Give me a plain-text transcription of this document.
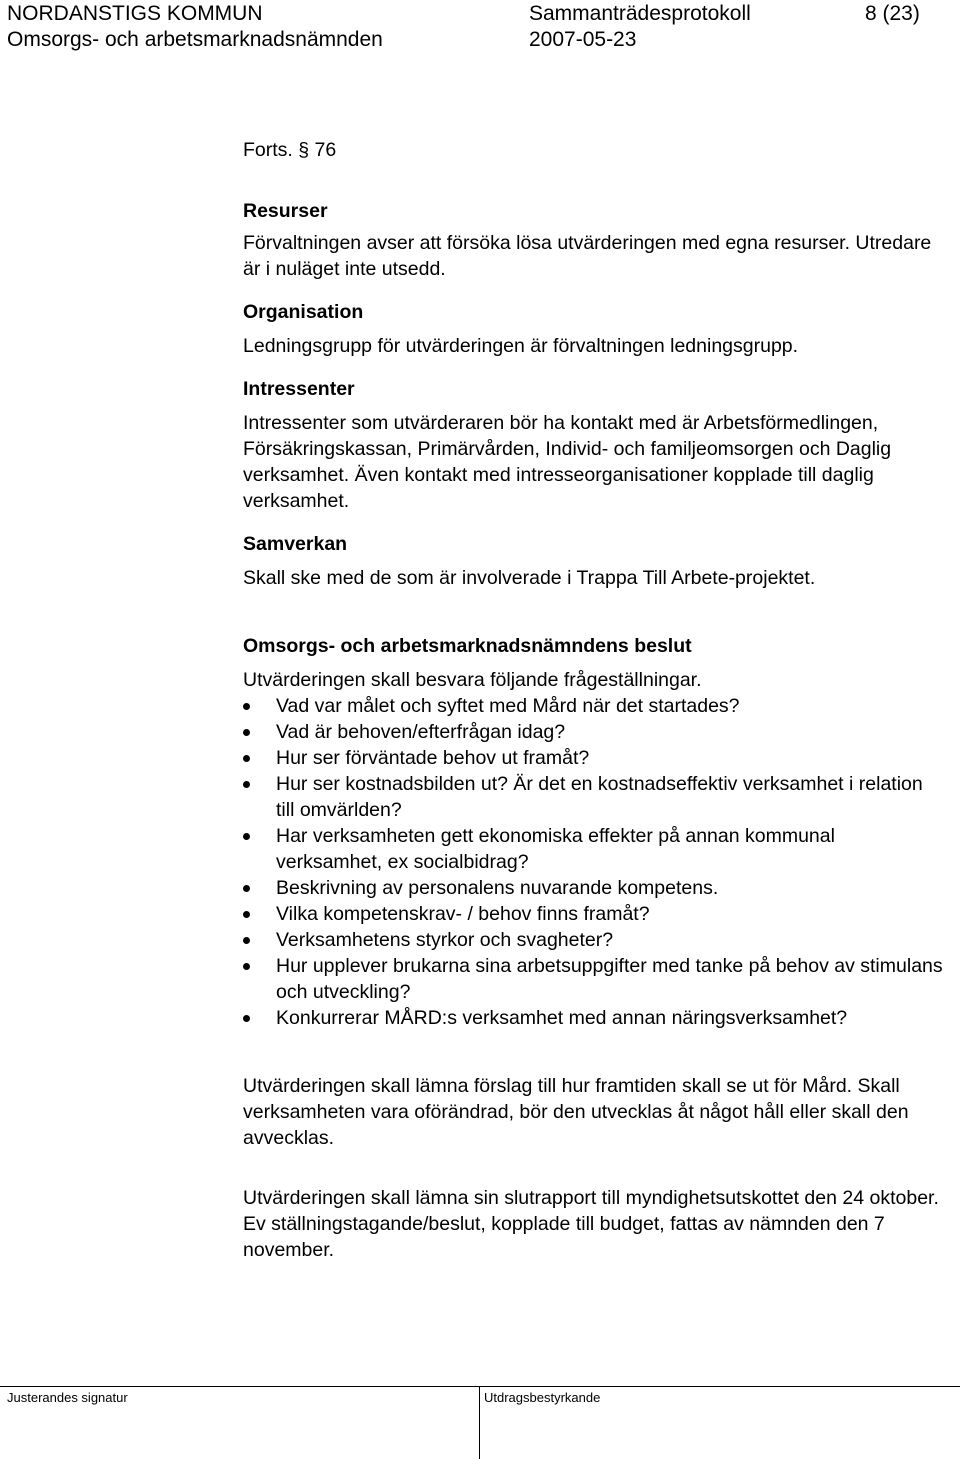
NORDANSTIGS KOMMUN	Sammanträdesprotokoll	8 (23)
Omsorgs- och arbetsmarknadsnämnden	2007-05-23

Forts. § 76

Resurser

Förvaltningen avser att försöka lösa utvärderingen med egna resurser. Utredare är i nuläget inte utsedd.

Organisation

Ledningsgrupp för utvärderingen är förvaltningen ledningsgrupp.

Intressenter

Intressenter som utvärderaren bör ha kontakt med är Arbetsförmedlingen, Försäkringskassan, Primärvården, Individ- och familjeomsorgen och Daglig verksamhet. Även kontakt med intresseorganisationer kopplade till daglig verksamhet.

Samverkan

Skall ske med de som är involverade i Trappa Till Arbete-projektet.

Omsorgs- och arbetsmarknadsnämndens beslut

Utvärderingen skall besvara följande frågeställningar.

Vad var målet och syftet med Mård när det startades?
Vad är behoven/efterfrågan idag?
Hur ser förväntade behov ut framåt?
Hur ser kostnadsbilden ut? Är det en kostnadseffektiv verksamhet i relation till omvärlden?
Har verksamheten gett ekonomiska effekter på annan kommunal verksamhet, ex socialbidrag?
Beskrivning av personalens nuvarande kompetens.
Vilka kompetenskrav- / behov finns framåt?
Verksamhetens styrkor och svagheter?
Hur upplever brukarna sina arbetsuppgifter med tanke på behov av stimulans och utveckling?
Konkurrerar MÅRD:s verksamhet med annan näringsverksamhet?

Utvärderingen skall lämna förslag till hur framtiden skall se ut för Mård. Skall verksamheten vara oförändrad, bör den utvecklas åt något håll eller skall den avvecklas.

Utvärderingen skall lämna sin slutrapport till myndighetsutskottet den 24 oktober. Ev ställningstagande/beslut, kopplade till budget, fattas av nämnden den 7 november.

Justerandes signatur	Utdragsbestyrkande
